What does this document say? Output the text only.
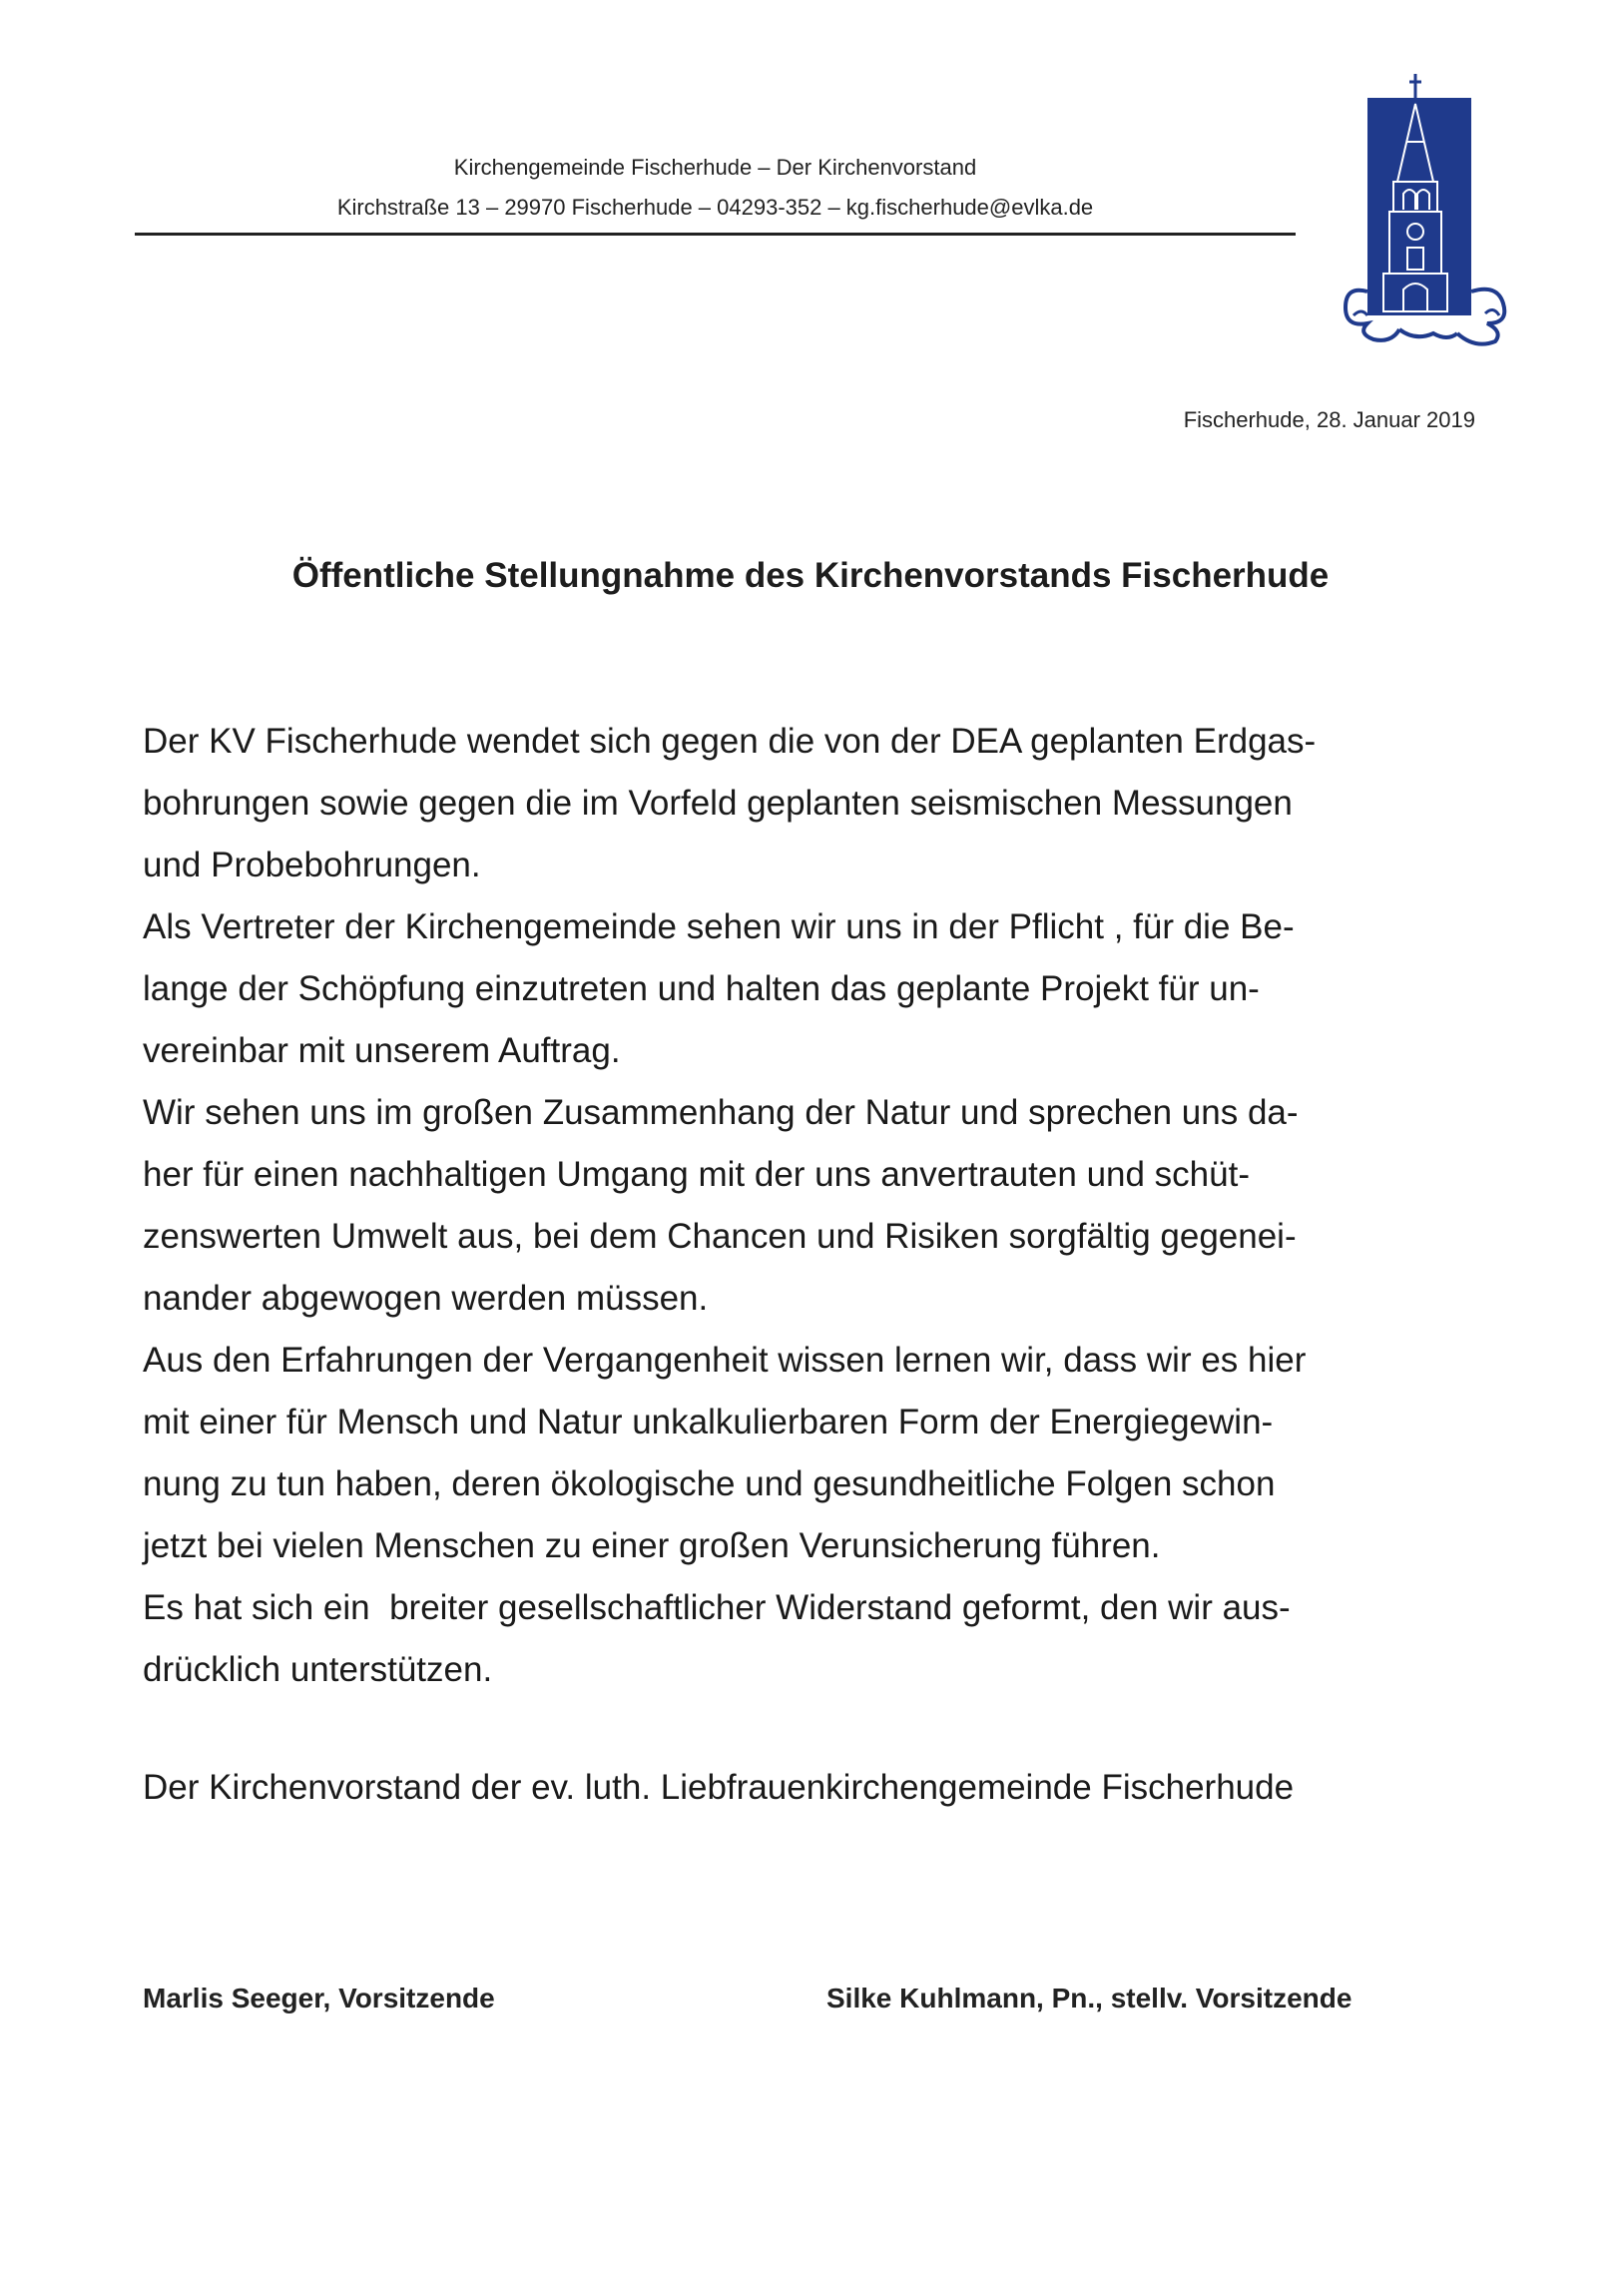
Kirchengemeinde Fischerhude – Der Kirchenvorstand
Kirchstraße 13 – 29970 Fischerhude – 04293-352 – kg.fischerhude@evlka.de
Fischerhude, 28. Januar 2019
Öffentliche Stellungnahme des Kirchenvorstands Fischerhude
Der KV Fischerhude wendet sich gegen die von der DEA geplanten Erdgas-
bohrungen sowie gegen die im Vorfeld geplanten seismischen Messungen
und Probebohrungen.
Als Vertreter der Kirchengemeinde sehen wir uns in der Pflicht , für die Be-
lange der Schöpfung einzutreten und halten das geplante Projekt für un-
vereinbar mit unserem Auftrag.
Wir sehen uns im großen Zusammenhang der Natur und sprechen uns da-
her für einen nachhaltigen Umgang mit der uns anvertrauten und schüt-
zenswerten Umwelt aus, bei dem Chancen und Risiken sorgfältig gegenei-
nander abgewogen werden müssen.
Aus den Erfahrungen der Vergangenheit wissen lernen wir, dass wir es hier
mit einer für Mensch und Natur unkalkulierbaren Form der Energiegewin-
nung zu tun haben, deren ökologische und gesundheitliche Folgen schon
jetzt bei vielen Menschen zu einer großen Verunsicherung führen.
Es hat sich ein  breiter gesellschaftlicher Widerstand geformt, den wir aus-
drücklich unterstützen.
Der Kirchenvorstand der ev. luth. Liebfrauenkirchengemeinde Fischerhude
Marlis Seeger, Vorsitzende	Silke Kuhlmann, Pn., stellv. Vorsitzende
